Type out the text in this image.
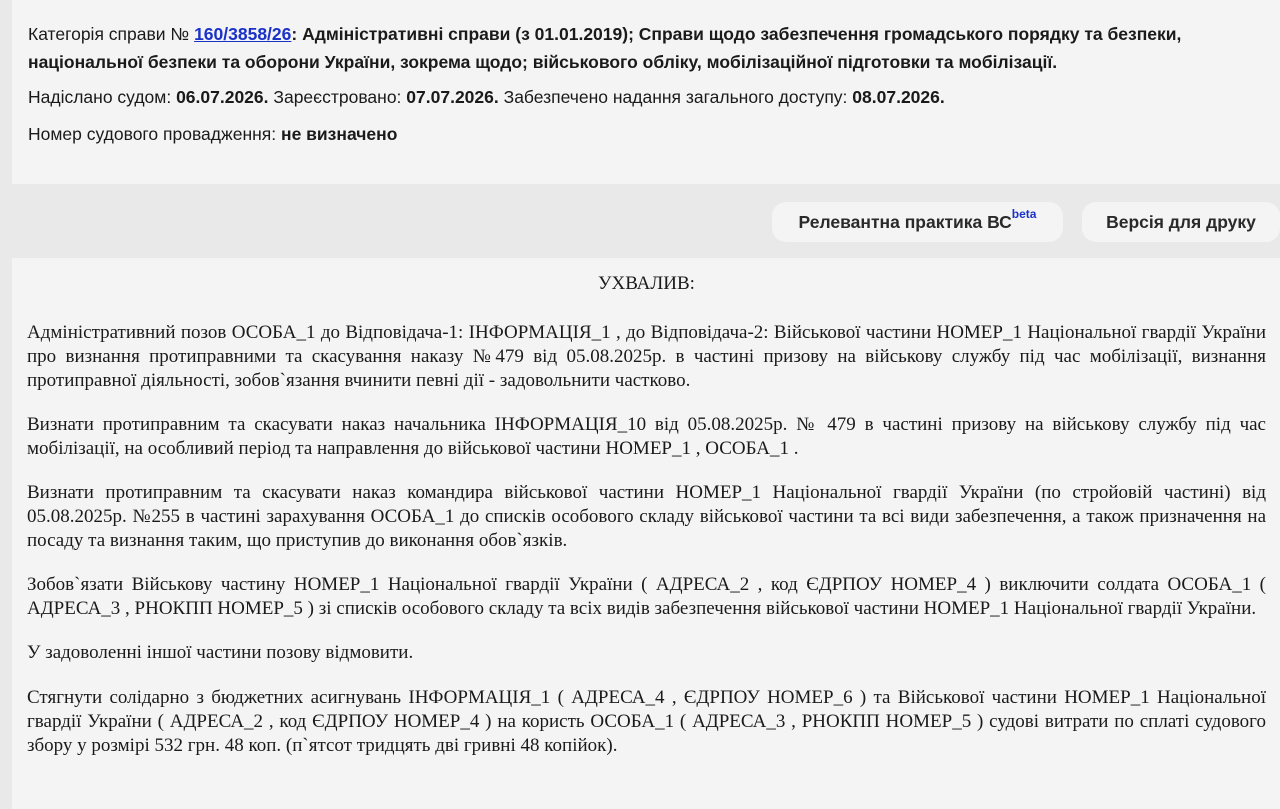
Категорія справи № 160/3858/26: Адміністративні справи (з 01.01.2019); Справи щодо забезпечення громадського порядку та безпеки, національної безпеки та оборони України, зокрема щодо; військового обліку, мобілізаційної підготовки та мобілізації.

Надіслано судом: 06.07.2026. Зареєстровано: 07.07.2026. Забезпечено надання загального доступу: 08.07.2026.

Номер судового провадження: не визначено

Релевантна практика $ВС^{beta}$	Версія для друку
УХВАЛИВ:

Адміністративний позов ОСОБА_1 до Відповідача-1: ІНФОРМАЦІЯ_1 , до Відповідача-2: Військової частини НОМЕР_1 Національної гвардії України про визнання протиправними та скасування наказу №479 від 05.08.2025р. в частині призову на військову службу під час мобілізації, визнання протиправної діяльності, зобов`язання вчинити певні дії - задовольнити частково.

Визнати протиправним та скасувати наказ начальника ІНФОРМАЦІЯ_10 від 05.08.2025р. № 479 в частині призову на військову службу під час мобілізації, на особливий період та направлення до військової частини НОМЕР_1 , ОСОБА_1 .

Визнати протиправним та скасувати наказ командира військової частини НОМЕР_1 Національної гвардії України (по стройовій частині) від 05.08.2025р. №255 в частині зарахування ОСОБА_1 до списків особового складу військової частини та всі види забезпечення, а також призначення на посаду та визнання таким, що приступив до виконання обов`язків.

Зобов`язати Військову частину НОМЕР_1 Національної гвардії України ( АДРЕСА_2 , код ЄДРПОУ НОМЕР_4 ) виключити солдата ОСОБА_1 ( АДРЕСА_3 , РНОКПП НОМЕР_5 ) зі списків особового складу та всіх видів забезпечення військової частини НОМЕР_1 Національної гвардії України.

У задоволенні іншої частини позову відмовити.

Стягнути солідарно з бюджетних асигнувань ІНФОРМАЦІЯ_1 ( АДРЕСА_4 , ЄДРПОУ НОМЕР_6 ) та Військової частини НОМЕР_1 Національної гвардії України ( АДРЕСА_2 , код ЄДРПОУ НОМЕР_4 ) на користь ОСОБА_1 ( АДРЕСА_3 , РНОКПП НОМЕР_5 ) судові витрати по сплаті судового збору у розмірі 532 грн. 48 коп. (п`ятсот тридцять дві гривні 48 копійок).
